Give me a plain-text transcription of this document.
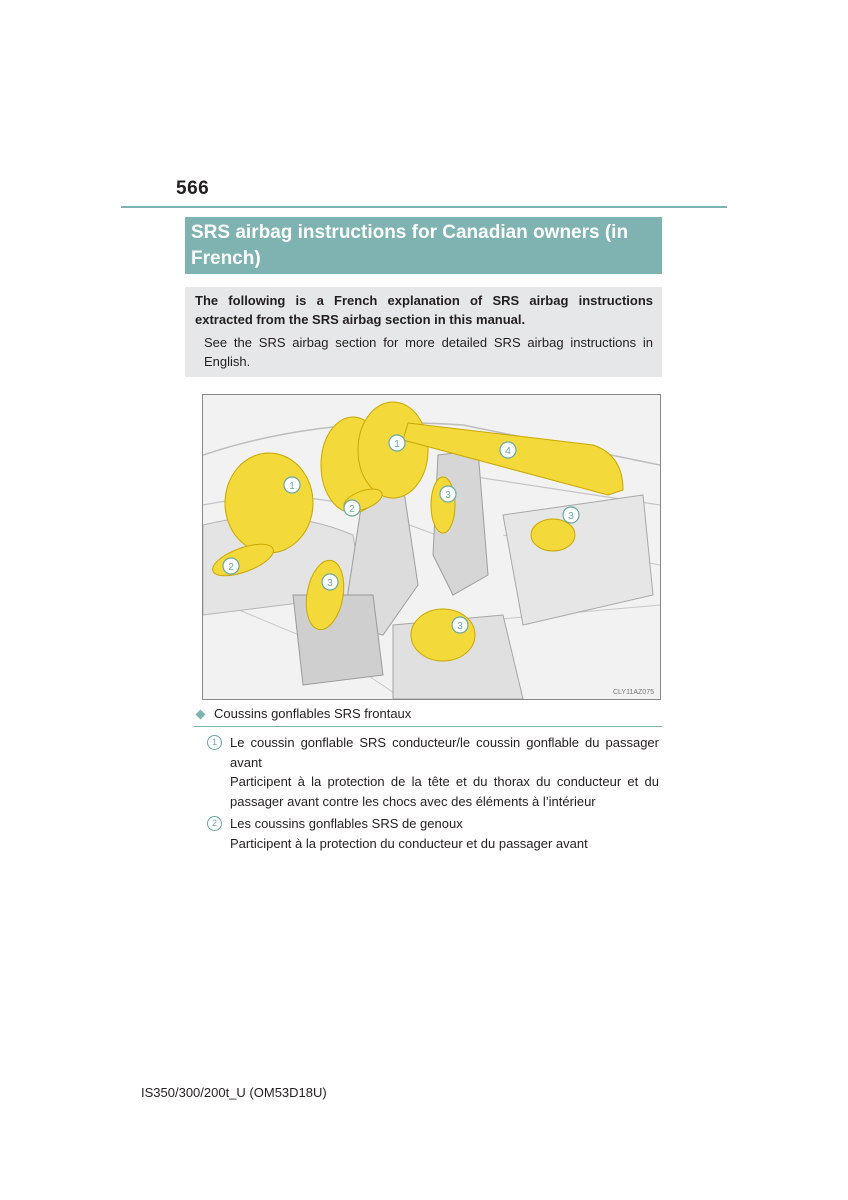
566
SRS airbag instructions for Canadian owners (in French)
The following is a French explanation of SRS airbag instructions extracted from the SRS airbag section in this manual.
See the SRS airbag section for more detailed SRS airbag instructions in English.
1
1
2
2
3
3
3
3
4
CLY11AZ075
Coussins gonflables SRS frontaux
1	Le coussin gonflable SRS conducteur/le coussin gonflable du passager avant
Participent à la protection de la tête et du thorax du conducteur et du passager avant contre les chocs avec des éléments à l’intérieur
2	Les coussins gonflables SRS de genoux
Participent à la protection du conducteur et du passager avant
IS350/300/200t_U (OM53D18U)
